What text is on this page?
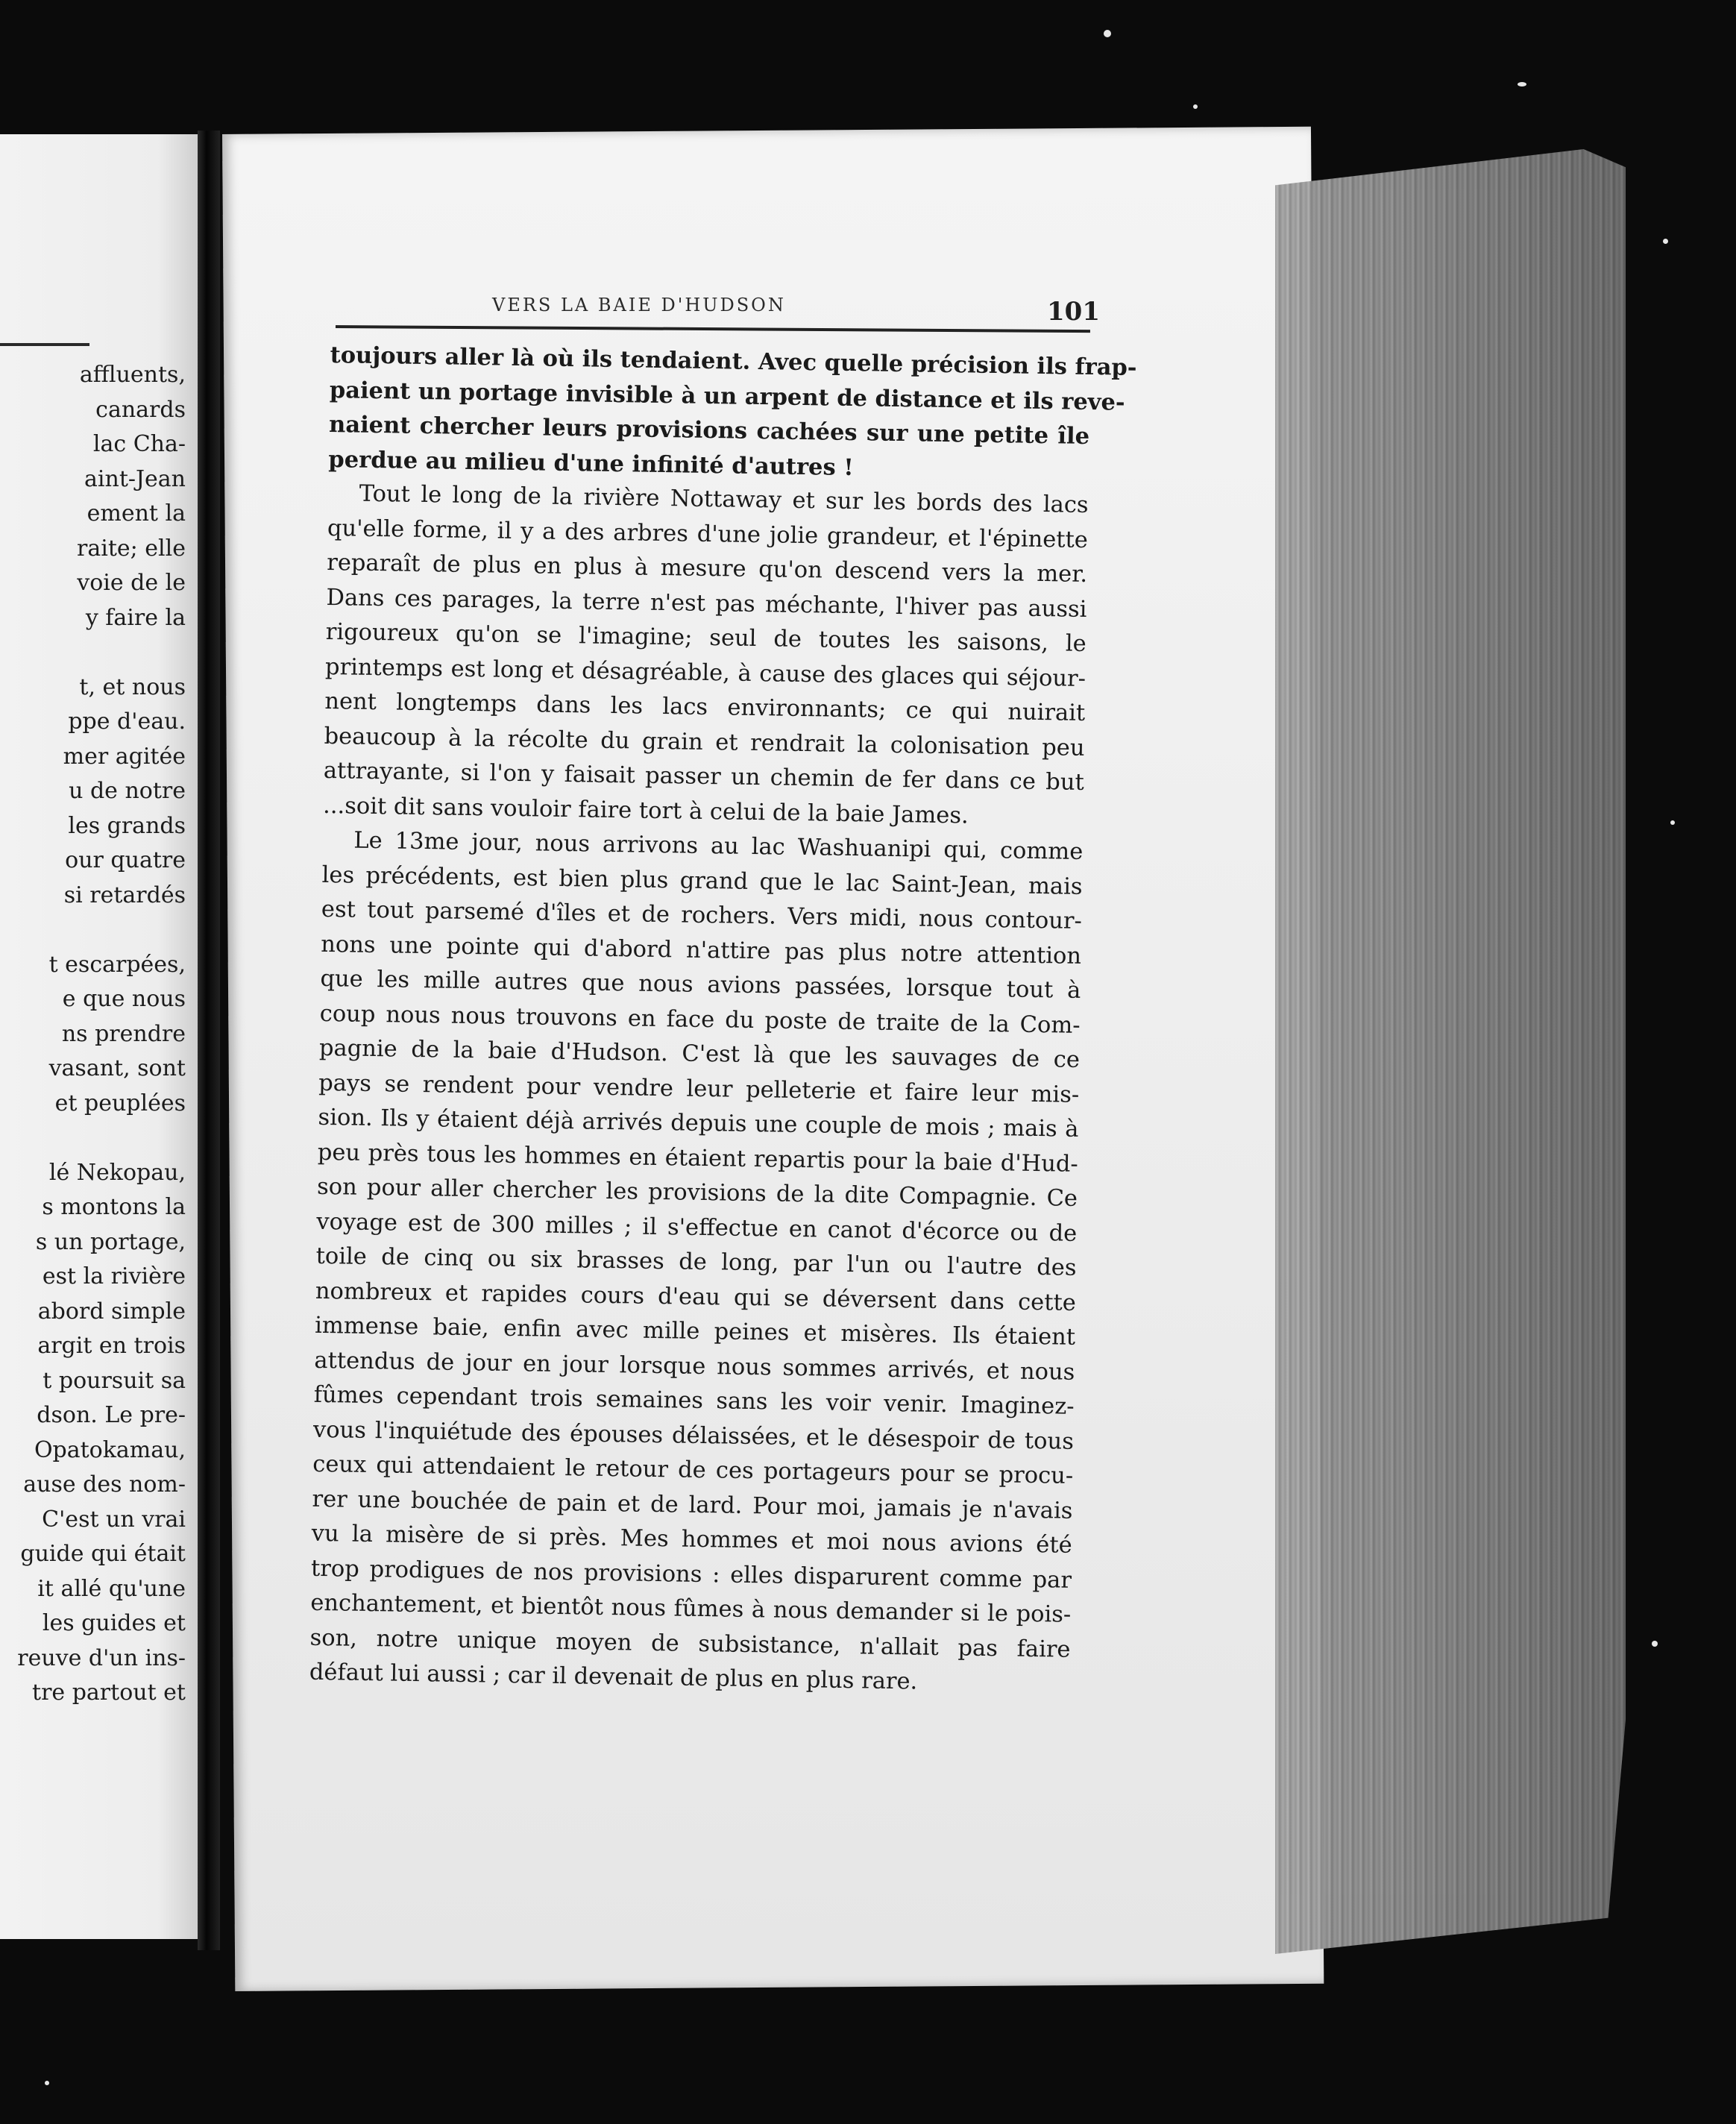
affluents,
canards
lac Cha-
aint-Jean
ement la
raite; elle
voie de le
y faire la
t, et nous
ppe d'eau.
mer agitée
u de notre
les grands
our quatre
si retardés
t escarpées,
e que nous
ns prendre
vasant, sont
et peuplées
lé Nekopau,
s montons la
s un portage,
est la rivière
abord simple
argit en trois
t poursuit sa
dson. Le pre-
Opatokamau,
ause des nom-
C'est un vrai
guide qui était
it allé qu'une
les guides et
reuve d'un ins-
tre partout et
VERS LA BAIE D'HUDSON	101
toujours aller là où ils tendaient. Avec quelle précision ils frap-
paient un portage invisible à un arpent de distance et ils reve-
naient chercher leurs provisions cachées sur une petite île
perdue au milieu d'une infinité d'autres !
Tout le long de la rivière Nottaway et sur les bords des lacs
qu'elle forme, il y a des arbres d'une jolie grandeur, et l'épinette
reparaît de plus en plus à mesure qu'on descend vers la mer.
Dans ces parages, la terre n'est pas méchante, l'hiver pas aussi
rigoureux qu'on se l'imagine; seul de toutes les saisons, le
printemps est long et désagréable, à cause des glaces qui séjour-
nent longtemps dans les lacs environnants; ce qui nuirait
beaucoup à la récolte du grain et rendrait la colonisation peu
attrayante, si l'on y faisait passer un chemin de fer dans ce but
...soit dit sans vouloir faire tort à celui de la baie James.
Le 13me jour, nous arrivons au lac Washuanipi qui, comme
les précédents, est bien plus grand que le lac Saint-Jean, mais
est tout parsemé d'îles et de rochers. Vers midi, nous contour-
nons une pointe qui d'abord n'attire pas plus notre attention
que les mille autres que nous avions passées, lorsque tout à
coup nous nous trouvons en face du poste de traite de la Com-
pagnie de la baie d'Hudson. C'est là que les sauvages de ce
pays se rendent pour vendre leur pelleterie et faire leur mis-
sion. Ils y étaient déjà arrivés depuis une couple de mois ; mais à
peu près tous les hommes en étaient repartis pour la baie d'Hud-
son pour aller chercher les provisions de la dite Compagnie. Ce
voyage est de 300 milles ; il s'effectue en canot d'écorce ou de
toile de cinq ou six brasses de long, par l'un ou l'autre des
nombreux et rapides cours d'eau qui se déversent dans cette
immense baie, enfin avec mille peines et misères. Ils étaient
attendus de jour en jour lorsque nous sommes arrivés, et nous
fûmes cependant trois semaines sans les voir venir. Imaginez-
vous l'inquiétude des épouses délaissées, et le désespoir de tous
ceux qui attendaient le retour de ces portageurs pour se procu-
rer une bouchée de pain et de lard. Pour moi, jamais je n'avais
vu la misère de si près. Mes hommes et moi nous avions été
trop prodigues de nos provisions : elles disparurent comme par
enchantement, et bientôt nous fûmes à nous demander si le pois-
son, notre unique moyen de subsistance, n'allait pas faire
défaut lui aussi ; car il devenait de plus en plus rare.
